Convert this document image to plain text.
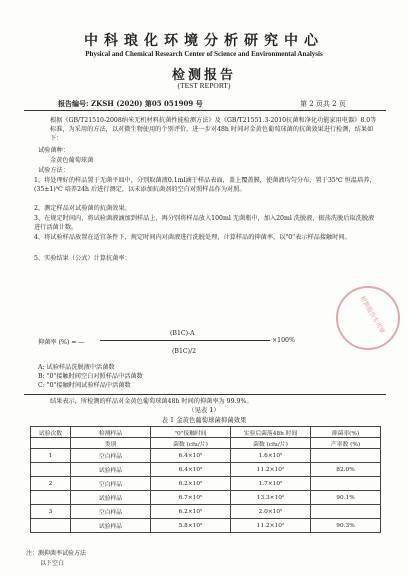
中科琅化环境分析研究中心
Physical and Chemical Research Center of Science and Environmental Analysis
检测报告
(TEST REPORT)
报告编号: ZKSH (2020) 第05 051909 号	第 2 页共 2 页
根据《GB/T21510-2008纳米无机材料抗菌性能检测方法》及《GB/T21551.3-2010抗菌和净化功能家用电器》8.0等标准，为采用的方法，以对微生物使用的个别评价，进一步对48h 时间对金黄色葡萄球菌的抗菌效果进行检测，结果如下：
试验菌种：
金黄色葡萄球菌
试验方法：
1、将处理好的样品置于无菌平皿中，分别取菌液0.1ml滴于样品表面，盖上覆盖膜，使菌液均匀分布，置于35℃ 恒温培养，(35±1)℃ 培养24h 后进行测定，以未添加抗菌剂的空白对照样品作为对照。
2、测定样品对试验菌的抗菌效果。
3、在规定时间内，将试验菌液滴加到样品上，再分别将样品放入100ml 无菌瓶中，加入20ml 洗脱液，振荡洗脱后取洗脱液进行活菌计数。
4、将试验样品放置在适宜条件下，规定时间内对菌液进行洗脱处理，计算样品的抑菌率，以"0"表示样品接触时间。
5、实验结果（公式）计算抗菌率：
(B1C)-A
抑菌率 (%) = —	×100%
(B1C)/2
A: 试验样品洗脱液中活菌数
B: "0"接触时间空白对照样品中活菌数
C: "0"接触时间试验样品中活菌数
检测报告专用章
结果表示，所检测的样品对金黄色葡萄球菌48h 时间的抑菌率为 99.9%。
（见表 1）
表 1 金黄色葡萄球菌抑菌效果
试验次数	检测样品	"0"接触时间	实验后菌落48h 时间	抑菌率(%)
	类别	菌数 (cfu/片)	菌数 (cfu/片)	产率数 (%)
1	空白样品	6.4×10⁵	1.6×10⁵	
	试验样品	6.4×10⁵	11.2×10²	82.0%
2	空白样品	6.2×10⁵	1.7×10⁵	
	试验样品	6.7×10⁵	13.3×10²	90.1%
3	空白样品	6.2×10⁵	2.0×10⁵	
	试验样品	5.8×10⁵	11.2×10²	90.3%
注：测抑菌率试验方法
以下空白
